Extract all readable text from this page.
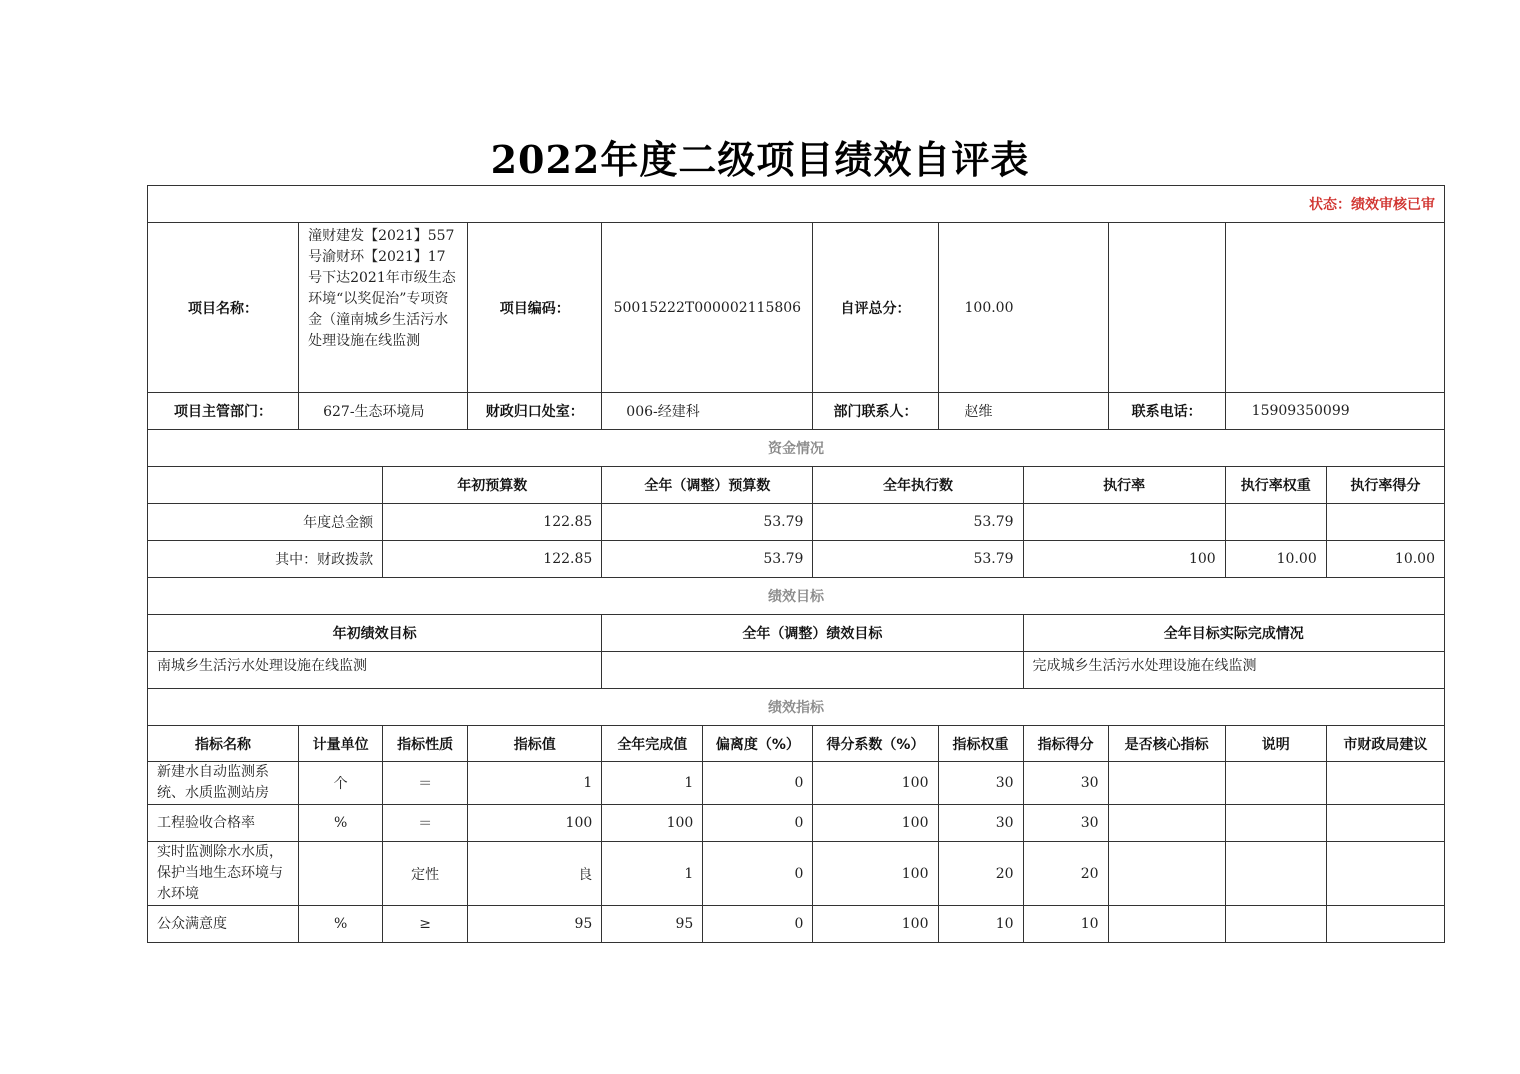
2022年度二级项目绩效自评表
状态：绩效审核已审											
项目名称：	潼财建发【2021】557号渝财环【2021】17号下达2021年市级生态环境“以奖促治”专项资金（潼南城乡生活污水处理设施在线监测		项目编码：	50015222T000002115806		自评总分：	100.00				
项目主管部门：	627-生态环境局		财政归口处室：	006-经建科		部门联系人：	赵维		联系电话：	15909350099	
资金情况											
		年初预算数		全年（调整）预算数		全年执行数		执行率		执行率权重	执行率得分
年度总金额		122.85		53.79		53.79					
其中：财政拨款		122.85		53.79		53.79		100		10.00	10.00
绩效目标											
年初绩效目标				全年（调整）绩效目标				全年目标实际完成情况			
南城乡生活污水处理设施在线监测								完成城乡生活污水处理设施在线监测			
绩效指标											
指标名称	计量单位	指标性质	指标值	全年完成值	偏离度（%）	得分系数（%）	指标权重	指标得分	是否核心指标	说明	市财政局建议
新建水自动监测系统、水质监测站房	个	＝	1	1	0	100	30	30			
工程验收合格率	%	＝	100	100	0	100	30	30			
实时监测除水水质，保护当地生态环境与水环境		定性	良	1	0	100	20	20			
公众满意度	%	≥	95	95	0	100	10	10			
